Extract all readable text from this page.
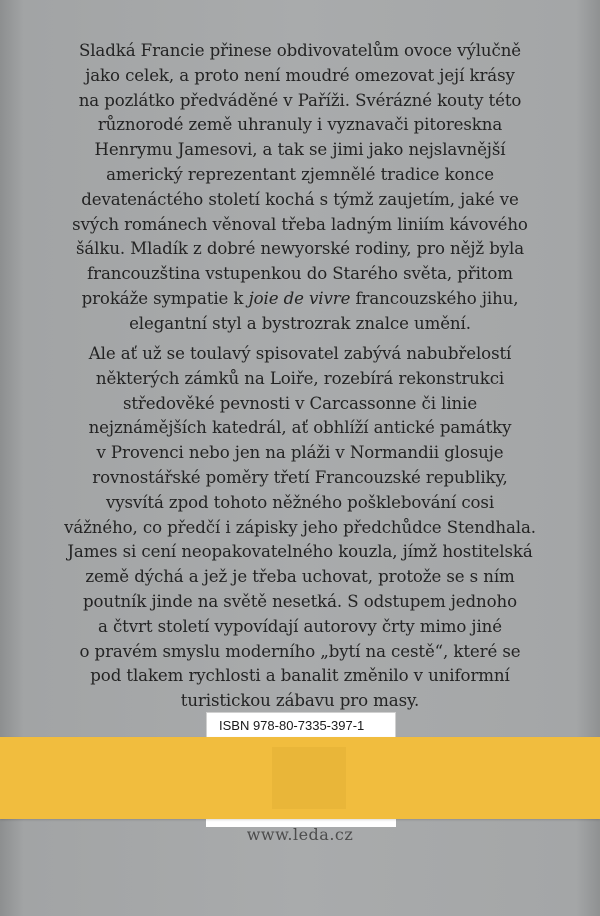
Sladká Francie přinese obdivovatelům ovoce výlučně
jako celek, a proto není moudré omezovat její krásy
na pozlátko předváděné v Paříži. Svérázné kouty této
různorodé země uhranuly i vyznavači pitoreskna
Henrymu Jamesovi, a tak se jimi jako nejslavnější
americký reprezentant zjemnělé tradice konce
devatenáctého století kochá s týmž zaujetím, jaké ve
svých románech věnoval třeba ladným liniím kávového
šálku. Mladík z dobré newyorské rodiny, pro nějž byla
francouzština vstupenkou do Starého světa, přitom
prokáže sympatie k joie de vivre francouzského jihu,
elegantní styl a bystrozrak znalce umění.
Ale ať už se toulavý spisovatel zabývá nabubřelostí
některých zámků na Loiře, rozebírá rekonstrukci
středověké pevnosti v Carcassonne či linie
nejznámějších katedrál, ať obhlíží antické památky
v Provenci nebo jen na pláži v Normandii glosuje
rovnostářské poměry třetí Francouzské republiky,
vysvítá zpod tohoto něžného pošklebování cosi
vážného, co předčí i zápisky jeho předchůdce Stendhala.
James si cení neopakovatelného kouzla, jímž hostitelská
země dýchá a jež je třeba uchovat, protože se s ním
poutník jinde na světě nesetká. S odstupem jednoho
a čtvrt století vypovídají autorovy črty mimo jiné
o pravém smyslu moderního „bytí na cestě“, které se
pod tlakem rychlosti a banalit změnilo v uniformní
turistickou zábavu pro masy.
ISBN 978-80-7335-397-1
www.leda.cz
